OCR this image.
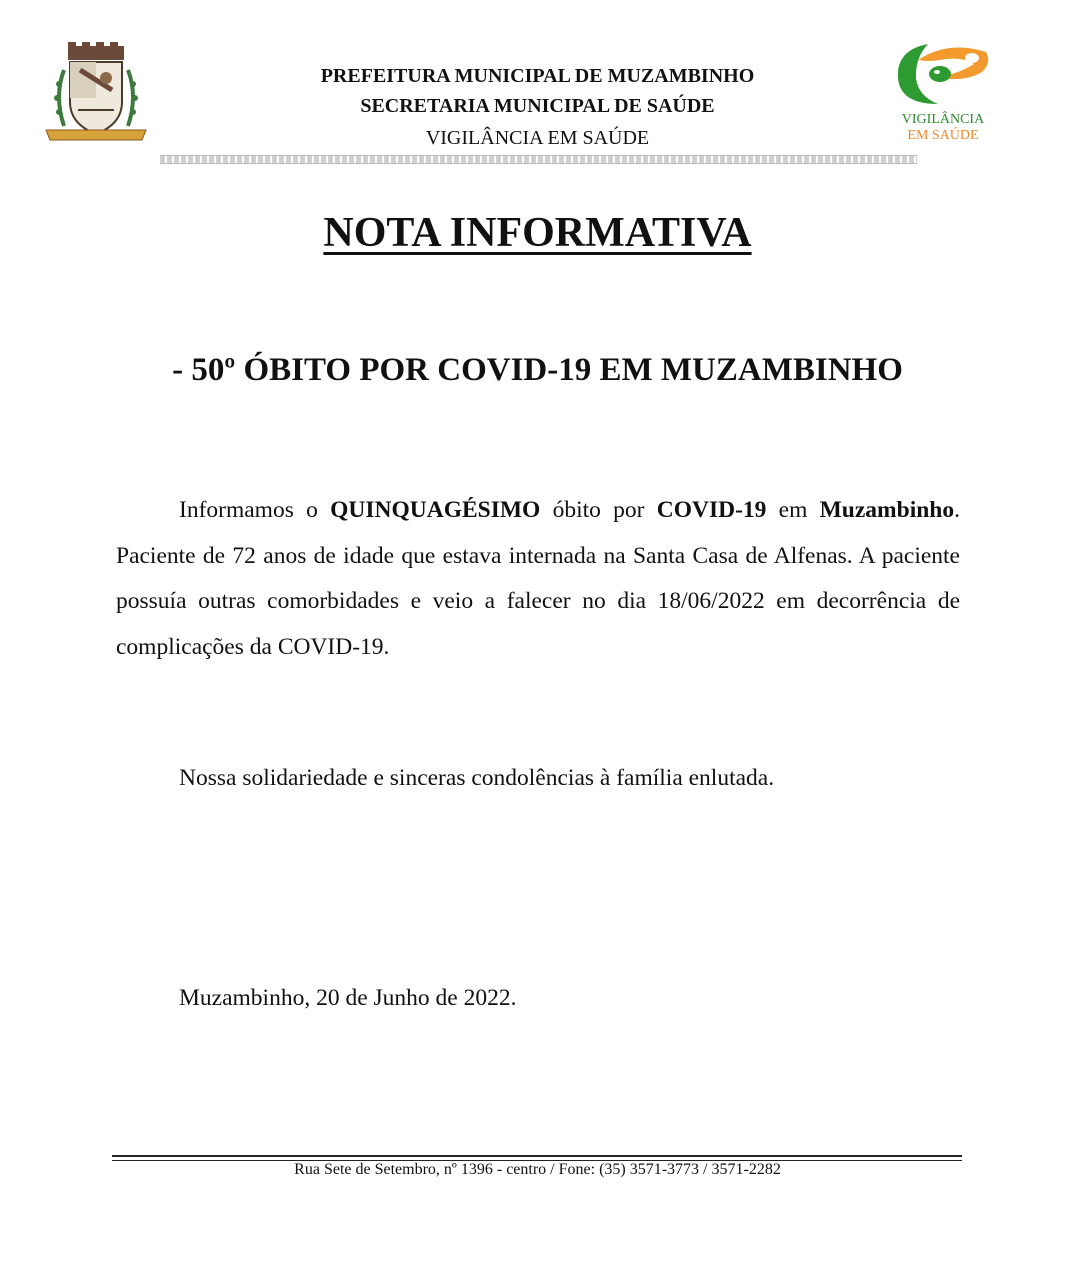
VIGILÂNCIA
EM SAÚDE
PREFEITURA MUNICIPAL DE MUZAMBINHO
SECRETARIA MUNICIPAL DE SAÚDE
VIGILÂNCIA EM SAÚDE
NOTA INFORMATIVA
- 50º ÓBITO POR COVID-19 EM MUZAMBINHO
Informamos o QUINQUAGÉSIMO óbito por COVID-19 em Muzambinho. Paciente de 72 anos de idade que estava internada na Santa Casa de Alfenas. A paciente possuía outras comorbidades e veio a falecer no dia 18/06/2022 em decorrência de complicações da COVID-19.
Nossa solidariedade e sinceras condolências à família enlutada.
Muzambinho, 20 de Junho de 2022.
Rua Sete de Setembro, nº 1396 - centro / Fone: (35) 3571-3773 / 3571-2282
